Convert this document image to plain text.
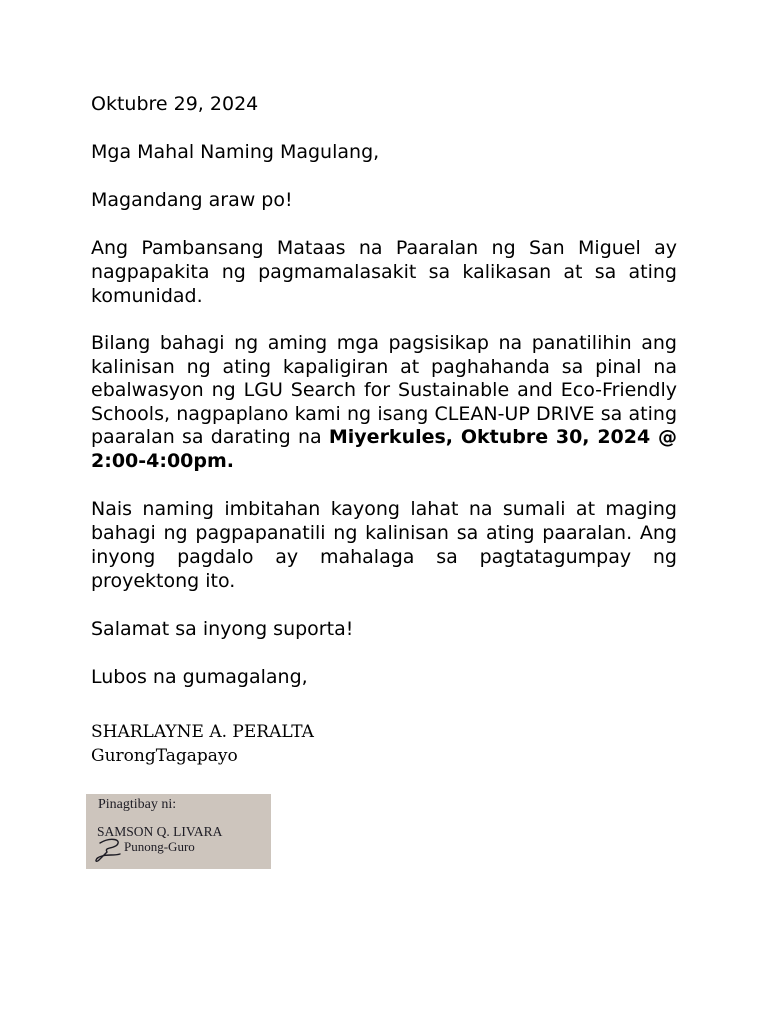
Oktubre 29, 2024
Mga Mahal Naming Magulang,
Magandang araw po!
Ang Pambansang Mataas na Paaralan ng San Miguel ay nagpapakita ng pagmamalasakit sa kalikasan at sa ating komunidad.
Bilang bahagi ng aming mga pagsisikap na panatilihin ang kalinisan ng ating kapaligiran at paghahanda sa pinal na ebalwasyon ng LGU Search for Sustainable and Eco-Friendly Schools, nagpaplano kami ng isang CLEAN-UP DRIVE sa ating paaralan sa darating na Miyerkules, Oktubre 30, 2024 @ 2:00-4:00pm.
Nais naming imbitahan kayong lahat na sumali at maging bahagi ng pagpapanatili ng kalinisan sa ating paaralan. Ang inyong pagdalo ay mahalaga sa pagtatagumpay ng proyektong ito.
Salamat sa inyong suporta!
Lubos na gumagalang,
SHARLAYNE A. PERALTA
GurongTagapayo
Pinagtibay ni:
SAMSON Q. LIVARA
Punong-Guro
